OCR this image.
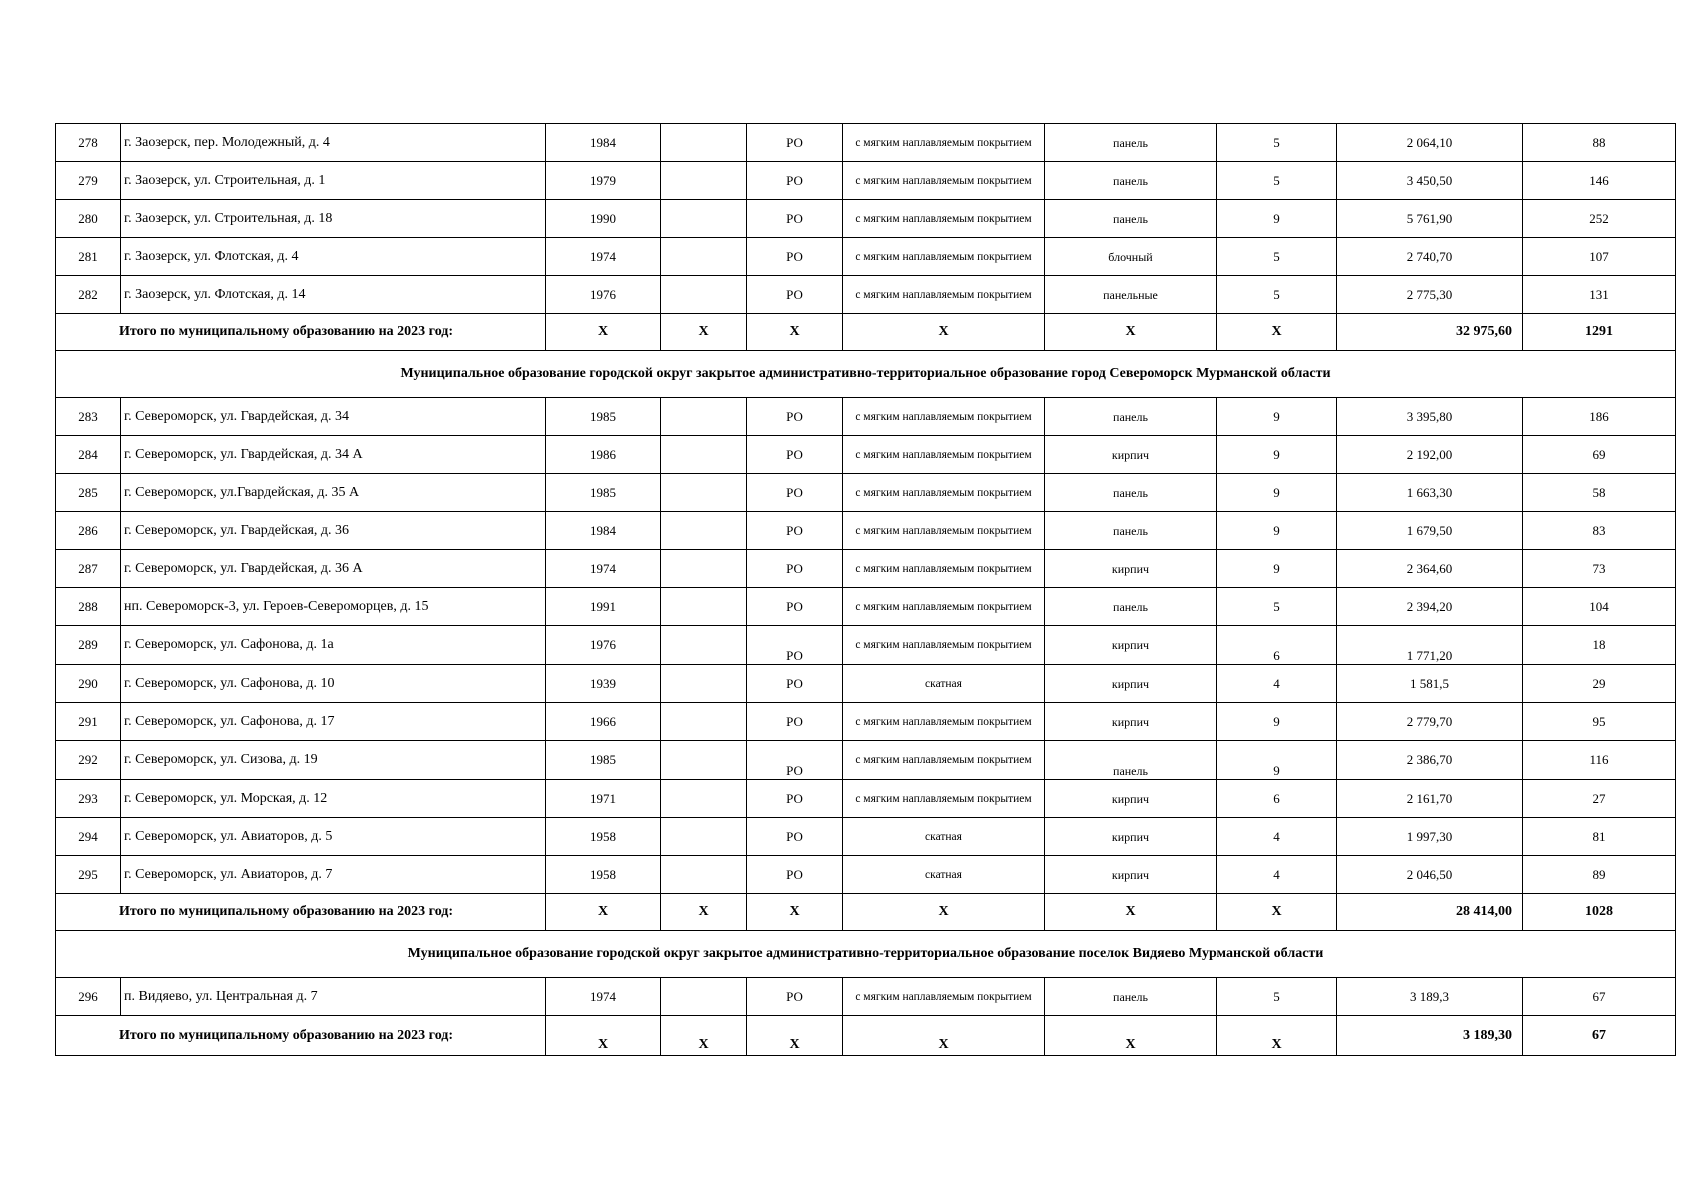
278	г. Заозерск, пер. Молодежный, д. 4	1984		РО	с мягким наплавляемым покрытием	панель	5	2 064,10	88
279	г. Заозерск, ул. Строительная, д. 1	1979		РО	с мягким наплавляемым покрытием	панель	5	3 450,50	146
280	г. Заозерск, ул. Строительная, д. 18	1990		РО	с мягким наплавляемым покрытием	панель	9	5 761,90	252
281	г. Заозерск, ул. Флотская, д. 4	1974		РО	с мягким наплавляемым покрытием	блочный	5	2 740,70	107
282	г. Заозерск, ул. Флотская, д. 14	1976		РО	с мягким наплавляемым покрытием	панельные	5	2 775,30	131
Итого по муниципальному образованию на 2023 год:		X	X	X	X	X	X	32 975,60	1291
Муниципальное образование городской округ закрытое административно-территориальное образование город Североморск Мурманской области									
283	г. Североморск, ул. Гвардейская, д. 34	1985		РО	с мягким наплавляемым покрытием	панель	9	3 395,80	186
284	г. Североморск, ул. Гвардейская, д. 34 А	1986		РО	с мягким наплавляемым покрытием	кирпич	9	2 192,00	69
285	г. Североморск, ул.Гвардейская, д. 35 А	1985		РО	с мягким наплавляемым покрытием	панель	9	1 663,30	58
286	г. Североморск, ул. Гвардейская, д. 36	1984		РО	с мягким наплавляемым покрытием	панель	9	1 679,50	83
287	г. Североморск, ул. Гвардейская, д. 36 А	1974		РО	с мягким наплавляемым покрытием	кирпич	9	2 364,60	73
288	нп. Североморск-3, ул. Героев-Североморцев, д. 15	1991		РО	с мягким наплавляемым покрытием	панель	5	2 394,20	104
289	г. Североморск, ул. Сафонова, д. 1а	1976		РО	с мягким наплавляемым покрытием	кирпич	6	1 771,20	18
290	г. Североморск, ул. Сафонова, д. 10	1939		РО	скатная	кирпич	4	1 581,5	29
291	г. Североморск, ул. Сафонова, д. 17	1966		РО	с мягким наплавляемым покрытием	кирпич	9	2 779,70	95
292	г. Североморск, ул. Сизова, д. 19	1985		РО	с мягким наплавляемым покрытием	панель	9	2 386,70	116
293	г. Североморск, ул. Морская, д. 12	1971		РО	с мягким наплавляемым покрытием	кирпич	6	2 161,70	27
294	г. Североморск, ул. Авиаторов, д. 5	1958		РО	скатная	кирпич	4	1 997,30	81
295	г. Североморск, ул. Авиаторов, д. 7	1958		РО	скатная	кирпич	4	2 046,50	89
Итого по муниципальному образованию на 2023 год:		X	X	X	X	X	X	28 414,00	1028
Муниципальное образование городской округ закрытое административно-территориальное образование поселок Видяево Мурманской области									
296	п. Видяево, ул. Центральная д. 7	1974		РО	с мягким наплавляемым покрытием	панель	5	3 189,3	67
Итого по муниципальному образованию на 2023 год:		X	X	X	X	X	X	3 189,30	67
